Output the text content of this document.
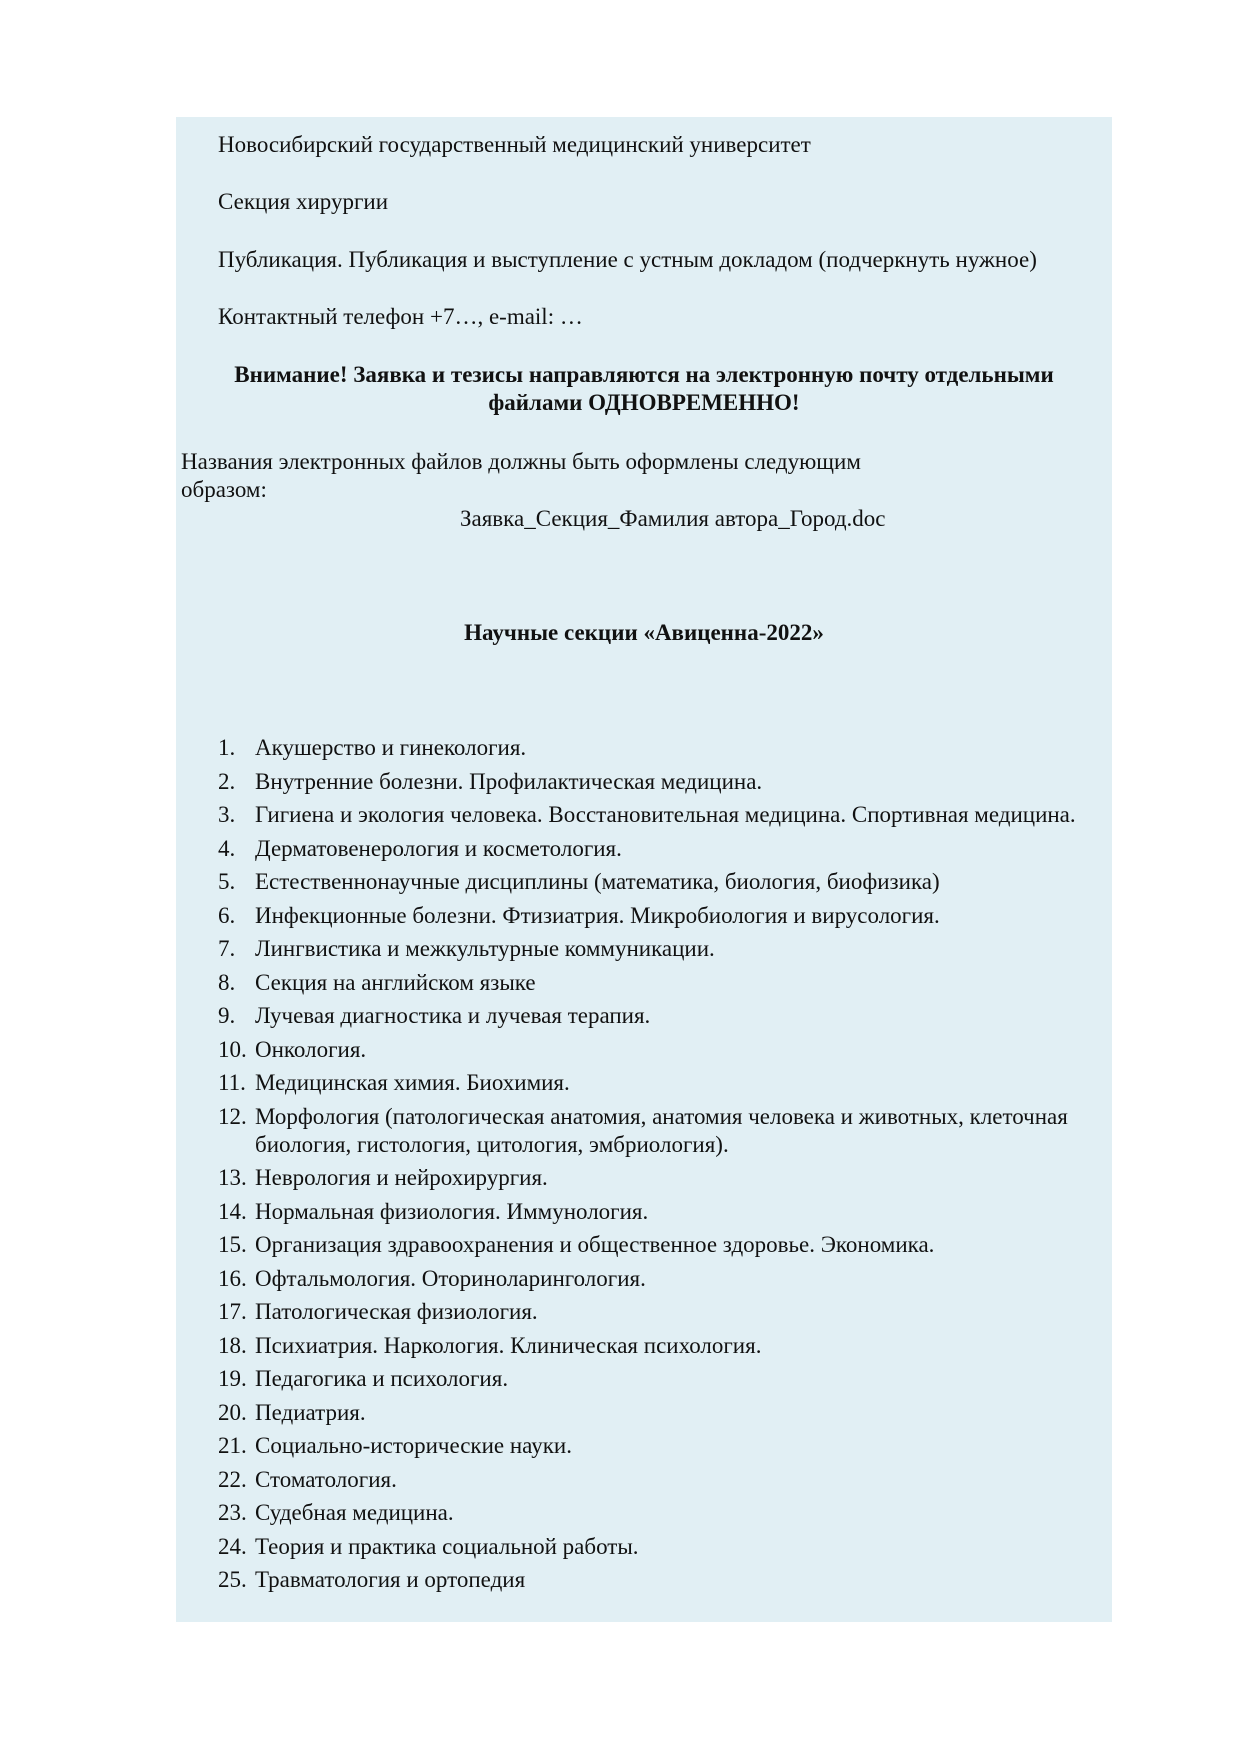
Новосибирский государственный медицинский университет
Секция хирургии
Публикация. Публикация и выступление с устным докладом (подчеркнуть нужное)
Контактный телефон +7…, e-mail: …
Внимание! Заявка и тезисы направляются на электронную почту отдельными
файлами ОДНОВРЕМЕННО!
Названия электронных файлов должны быть оформлены следующим образом:
Заявка_Секция_Фамилия автора_Город.doc
Научные секции «Авиценна-2022»
1. Акушерство и гинекология.
2. Внутренние болезни. Профилактическая медицина.
3. Гигиена и экология человека. Восстановительная медицина. Спортивная медицина.
4. Дерматовенерология и косметология.
5. Естественнонаучные дисциплины (математика, биология, биофизика)
6. Инфекционные болезни. Фтизиатрия. Микробиология и вирусология.
7. Лингвистика и межкультурные коммуникации.
8. Секция на английском языке
9. Лучевая диагностика и лучевая терапия.
10. Онкология.
11. Медицинская химия. Биохимия.
12. Морфология (патологическая анатомия, анатомия человека и животных, клеточная биология, гистология, цитология, эмбриология).
13. Неврология и нейрохирургия.
14. Нормальная физиология. Иммунология.
15. Организация здравоохранения и общественное здоровье. Экономика.
16. Офтальмология. Оториноларингология.
17. Патологическая физиология.
18. Психиатрия. Наркология. Клиническая психология.
19. Педагогика и психология.
20. Педиатрия.
21. Социально-исторические науки.
22. Стоматология.
23. Судебная медицина.
24. Теория и практика социальной работы.
25. Травматология и ортопедия
